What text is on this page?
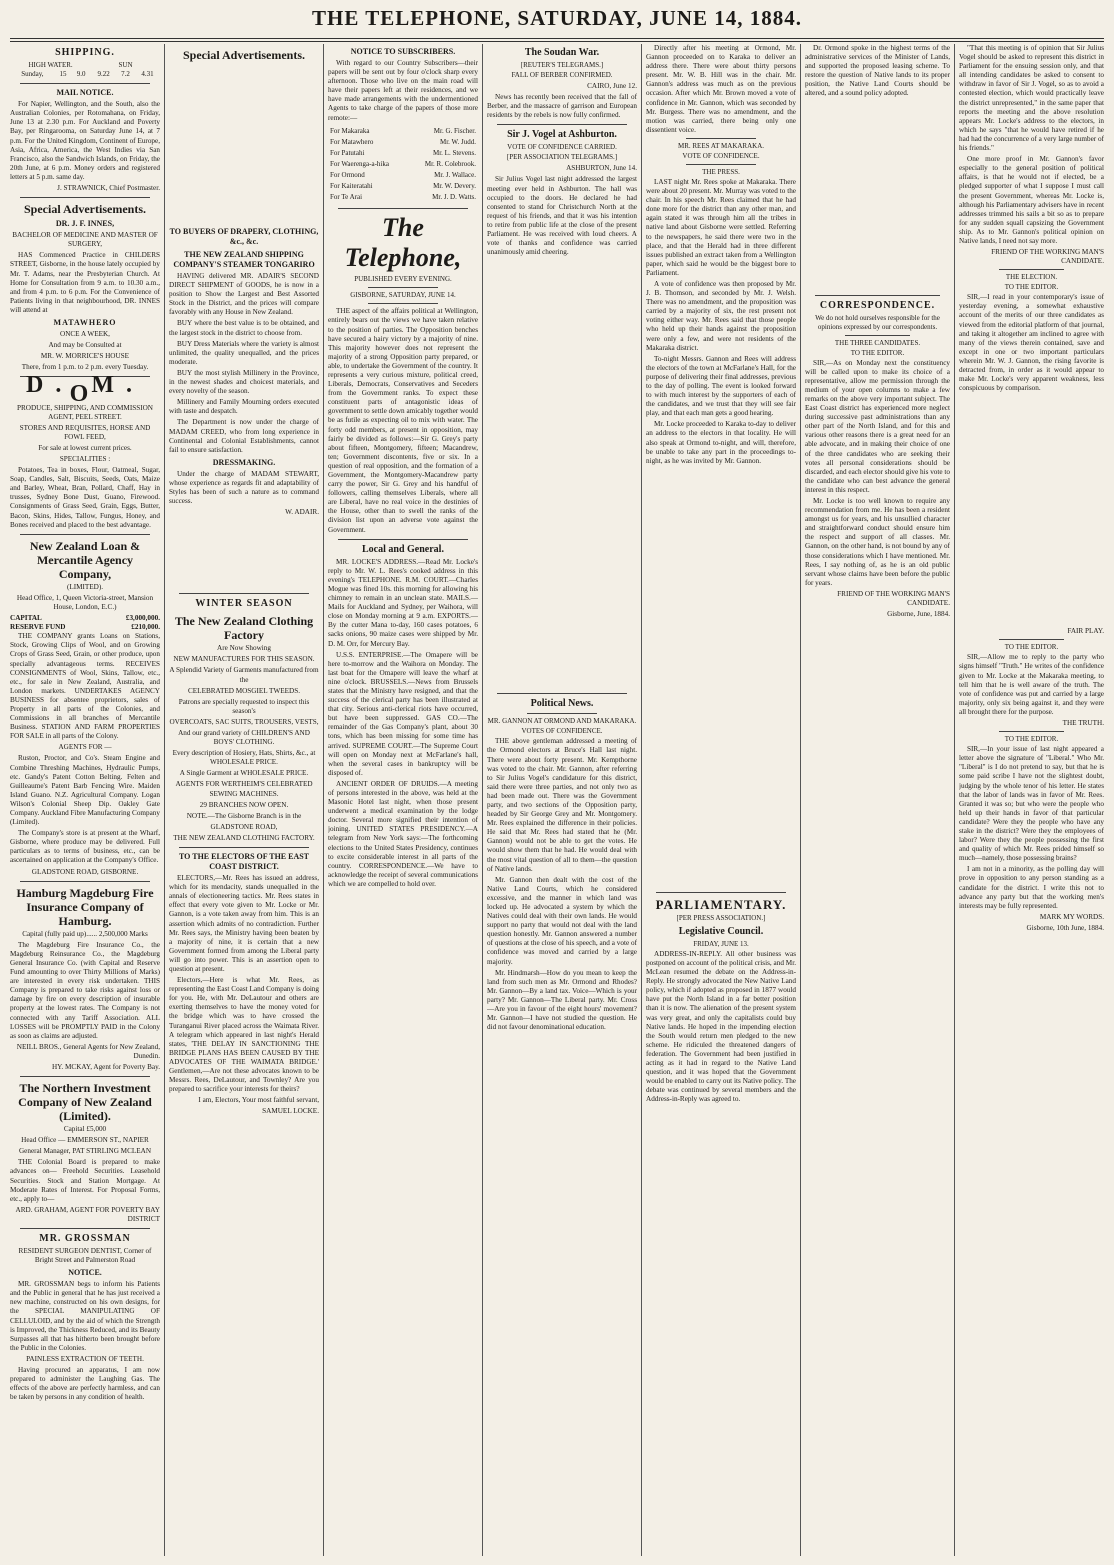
THE TELEPHONE, SATURDAY, JUNE 14, 1884.
SHIPPING.
HIGH WATER.			SUN		
Sunday,	15	9.0	9.22	7.2	4.31
MAIL NOTICE.
For Napier, Wellington, and the South, also the Australian Colonies, per Rotomahana, on Friday, June 13 at 2.30 p.m. For Auckland and Poverty Bay, per Ringarooma, on Saturday June 14, at 7 p.m. For the United Kingdom, Continent of Europe, Asia, Africa, America, the West Indies via San Francisco, also the Sandwich Islands, on Friday, the 20th June, at 6 p.m. Money orders and registered letters at 5 p.m. same day.
J. STRAWNICK, Chief Postmaster.
Special Advertisements.
DR. J. F. INNES,
BACHELOR OF MEDICINE AND MASTER OF SURGERY,
HAS Commenced Practice in CHILDERS STREET, Gisborne, in the house lately occupied by Mr. T. Adams, near the Presbyterian Church. At Home for Consultation from 9 a.m. to 10.30 a.m., and from 4 p.m. to 6 p.m. For the Convenience of Patients living in that neighbourhood, DR. INNES will attend at
MATAWHERO
ONCE A WEEK,
And may be Consulted at
MR. W. MORRICE'S HOUSE
There, from 1 p.m. to 2 p.m. every Tuesday.
D. M. O
PRODUCE, SHIPPING, AND COMMISSION AGENT, PEEL STREET.
STORES AND REQUISITES, HORSE AND FOWL FEED,
For sale at lowest current prices.
SPECIALITIES :
Potatoes, Tea in boxes, Flour, Oatmeal, Sugar, Soap, Candles, Salt, Biscuits, Seeds, Oats, Maize and Barley, Wheat, Bran, Pollard, Chaff, Hay in trusses, Sydney Bone Dust, Guano, Firewood. Consignments of Grass Seed, Grain, Eggs, Butter, Bacon, Skins, Hides, Tallow, Fungus, Honey, and Bones received and placed to the best advantage.
New Zealand Loan & Mercantile Agency Company,
(LIMITED).
Head Office, 1, Queen Victoria-street, Mansion House, London, E.C.)
CAPITAL	£3,000,000.
RESERVE FUND	£210,000.
THE COMPANY grants Loans on Stations, Stock, Growing Clips of Wool, and on Growing Crops of Grass Seed, Grain, or other produce, upon specially advantageous terms. RECEIVES CONSIGNMENTS of Wool, Skins, Tallow, etc., etc., for sale in New Zealand, Australia, and London markets. UNDERTAKES AGENCY BUSINESS for absentee proprietors, sales of Property in all parts of the Colonies, and Commissions in all branches of Mercantile Business. STATION AND FARM PROPERTIES FOR SALE in all parts of the Colony.
AGENTS FOR —
Ruston, Proctor, and Co's. Steam Engine and Combine Threshing Machines, Hydraulic Pumps, etc. Gandy's Patent Cotton Belting. Felten and Guilleaume's Patent Barb Fencing Wire. Maiden Island Guano. N.Z. Agricultural Company. Logan Wilson's Colonial Sheep Dip. Oakley Gate Company. Auckland Fibre Manufacturing Company (Limited).
The Company's store is at present at the Wharf, Gisborne, where produce may be delivered. Full particulars as to terms of business, etc., can be ascertained on application at the Company's Office.
GLADSTONE ROAD, GISBORNE.
Hamburg Magdeburg Fire Insurance Company of Hamburg.
Capital (fully paid up)...... 2,500,000 Marks
The Magdeburg Fire Insurance Co., the Magdeburg Reinsurance Co., the Magdeburg General Insurance Co. (with Capital and Reserve Fund amounting to over Thirty Millions of Marks) are interested in every risk undertaken. THIS Company is prepared to take risks against loss or damage by fire on every description of insurable property at the lowest rates. The Company is not connected with any Tariff Association. ALL LOSSES will be PROMPTLY PAID in the Colony as soon as claims are adjusted.
NEILL BROS., General Agents for New Zealand, Dunedin.
HY. MCKAY, Agent for Poverty Bay.
The Northern Investment Company of New Zealand (Limited).
Capital £5,000
Head Office — EMMERSON ST., NAPIER
General Manager, PAT STIRLING MCLEAN
THE Colonial Board is prepared to make advances on— Freehold Securities. Leasehold Securities. Stock and Station Mortgage. At Moderate Rates of Interest. For Proposal Forms, etc., apply to—
ARD. GRAHAM, AGENT FOR POVERTY BAY DISTRICT
MR. GROSSMAN
RESIDENT SURGEON DENTIST, Corner of Bright Street and Palmerston Road
NOTICE.
MR. GROSSMAN begs to inform his Patients and the Public in general that he has just received a new machine, constructed on his own designs, for the SPECIAL MANIPULATING OF CELLULOID, and by the aid of which the Strength is Improved, the Thickness Reduced, and its Beauty Surpasses all that has hitherto been brought before the Public in the Colonies.
PAINLESS EXTRACTION OF TEETH.
Having procured an apparatus, I am now prepared to administer the Laughing Gas. The effects of the above are perfectly harmless, and can be taken by persons in any condition of health.
Special Advertisements.
TO BUYERS OF DRAPERY, CLOTHING, &c., &c.
THE NEW ZEALAND SHIPPING COMPANY'S STEAMER TONGARIRO
HAVING delivered MR. ADAIR'S SECOND DIRECT SHIPMENT of GOODS, he is now in a position to Show the Largest and Best Assorted Stock in the District, and the prices will compare favorably with any House in New Zealand.
BUY where the best value is to be obtained, and the largest stock in the district to choose from.
BUY Dress Materials where the variety is almost unlimited, the quality unequalled, and the prices moderate.
BUY the most stylish Millinery in the Province, in the newest shades and choicest materials, and every novelty of the season.
Millinery and Family Mourning orders executed with taste and despatch.
The Department is now under the charge of MADAM CREED, who from long experience in Continental and Colonial Establishments, cannot fail to ensure satisfaction.
DRESSMAKING.
Under the charge of MADAM STEWART, whose experience as regards fit and adaptability of Styles has been of such a nature as to command success.
W. ADAIR.
WINTER SEASON
The New Zealand Clothing Factory
Are Now Showing
NEW MANUFACTURES FOR THIS SEASON.
A Splendid Variety of Garments manufactured from the
CELEBRATED MOSGIEL TWEEDS.
Patrons are specially requested to inspect this season's
OVERCOATS, SAC SUITS, TROUSERS, VESTS,
And our grand variety of CHILDREN'S AND BOYS' CLOTHING.
Every description of Hosiery, Hats, Shirts, &c., at WHOLESALE PRICE.
A Single Garment at WHOLESALE PRICE.
AGENTS FOR WERTHEIM'S CELEBRATED SEWING MACHINES.
29 BRANCHES NOW OPEN.
NOTE.—The Gisborne Branch is in the
GLADSTONE ROAD,
THE NEW ZEALAND CLOTHING FACTORY.
TO THE ELECTORS OF THE EAST COAST DISTRICT.
ELECTORS,—Mr. Rees has issued an address, which for its mendacity, stands unequalled in the annals of electioneering tactics. Mr. Rees states in effect that every vote given to Mr. Locke or Mr. Gannon, is a vote taken away from him. This is an assertion which admits of no contradiction. Further Mr. Rees says, the Ministry having been beaten by a majority of nine, it is certain that a new Government formed from among the Liberal party will go into power. This is an assertion open to question at present.
Electors,—Here is what Mr. Rees, as representing the East Coast Land Company is doing for you. He, with Mr. DeLautour and others are exerting themselves to have the money voted for the bridge which was to have crossed the Turanganui River placed across the Waimata River. A telegram which appeared in last night's Herald states, 'THE DELAY IN SANCTIONING THE BRIDGE PLANS HAS BEEN CAUSED BY THE ADVOCATES OF THE WAIMATA BRIDGE.' Gentlemen,—Are not these advocates known to be Messrs. Rees, DeLautour, and Townley? Are you prepared to sacrifice your interests for theirs?
I am, Electors, Your most faithful servant,
SAMUEL LOCKE.
NOTICE TO SUBSCRIBERS.
With regard to our Country Subscribers—their papers will be sent out by four o'clock sharp every afternoon. Those who live on the main road will have their papers left at their residences, and we have made arrangements with the undermentioned Agents to take charge of the papers of those more remote:—
For Makaraka	Mr. G. Fischer.
For Matawhero	Mr. W. Judd.
For Patutahi	Mr. L. Stevens.
For Waerenga-a-hika	Mr. R. Colebrook.
For Ormond	Mr. J. Wallace.
For Kaiteratahi	Mr. W. Devery.
For Te Arai	Mr. J. D. Watts.
The Telephone,
PUBLISHED EVERY EVENING.
GISBORNE, SATURDAY, JUNE 14.
THE aspect of the affairs political at Wellington, entirely bears out the views we have taken relative to the position of parties. The Opposition benches have secured a hairy victory by a majority of nine. This majority however does not represent the majority of a strong Opposition party prepared, or able, to undertake the Government of the country. It represents a very curious mixture, political creed, Liberals, Democrats, Conservatives and Seceders from the Government ranks. To expect these constituent parts of antagonistic ideas of government to settle down amicably together would be as futile as expecting oil to mix with water. The forty odd members, at present in opposition, may fairly be divided as follows:—Sir G. Grey's party about fifteen, Montgomery, fifteen; Macandrew, ten; Government discontents, five or six. In a question of real opposition, and the formation of a Government, the Montgomery-Macandrew party carry the power, Sir G. Grey and his handful of followers, calling themselves Liberals, where all are Liberal, have no real voice in the destinies of the House, other than to swell the ranks of the division list upon an adverse vote against the Government.
Local and General.
MR. LOCKE'S ADDRESS.—Read Mr. Locke's reply to Mr. W. L. Rees's cooked address in this evening's TELEPHONE. R.M. COURT.—Charles Mogue was fined 10s. this morning for allowing his chimney to remain in an unclean state. MAILS.—Mails for Auckland and Sydney, per Waihora, will close on Monday morning at 9 a.m. EXPORTS.—By the cutter Mana to-day, 160 cases potatoes, 6 sacks onions, 90 maize cases were shipped by Mr. D. M. Orr, for Mercury Bay.
U.S.S. ENTERPRISE.—The Omapere will be here to-morrow and the Waihora on Monday. The last boat for the Omapere will leave the wharf at nine o'clock. BRUSSELS.—News from Brussels states that the Ministry have resigned, and that the success of the clerical party has been illustrated at that city. Serious anti-clerical riots have occurred, but have been suppressed. GAS CO.—The remainder of the Gas Company's plant, about 30 tons, which has been missing for some time has arrived. SUPREME COURT.—The Supreme Court will open on Monday next at McFarlane's hall, when the several cases in bankruptcy will be disposed of.
ANCIENT ORDER OF DRUIDS.—A meeting of persons interested in the above, was held at the Masonic Hotel last night, when those present underwent a medical examination by the lodge doctor. Several more signified their intention of joining. UNITED STATES PRESIDENCY.—A telegram from New York says:—The forthcoming elections to the United States Presidency, continues to excite considerable interest in all parts of the country. CORRESPONDENCE.—We have to acknowledge the receipt of several communications which we are compelled to hold over.
The Soudan War.
[REUTER'S TELEGRAMS.]
FALL OF BERBER CONFIRMED.
CAIRO, June 12.
News has recently been received that the fall of Berber, and the massacre of garrison and European residents by the rebels is now fully confirmed.
Sir J. Vogel at Ashburton.
VOTE OF CONFIDENCE CARRIED.
[PER ASSOCIATION TELEGRAMS.]
ASHBURTON, June 14.
Sir Julius Vogel last night addressed the largest meeting ever held in Ashburton. The hall was occupied to the doors. He declared he had consented to stand for Christchurch North at the request of his friends, and that it was his intention to retire from public life at the close of the present Parliament. He was received with loud cheers. A vote of thanks and confidence was carried unanimously amid cheering.
Political News.
MR. GANNON AT ORMOND AND MAKARAKA.
VOTES OF CONFIDENCE.
THE above gentleman addressed a meeting of the Ormond electors at Bruce's Hall last night. There were about forty present. Mr. Kempthorne was voted to the chair. Mr. Gannon, after referring to Sir Julius Vogel's candidature for this district, said there were three parties, and not only two as had been made out. There was the Government party, and two sections of the Opposition party, headed by Sir George Grey and Mr. Montgomery. Mr. Rees explained the difference in their policies. He said that Mr. Rees had stated that he (Mr. Gannon) would not be able to get the votes. He would show them that he had. He would deal with the most vital question of all to them—the question of Native lands.
Mr. Gannon then dealt with the cost of the Native Land Courts, which he considered excessive, and the manner in which land was locked up. He advocated a system by which the Natives could deal with their own lands. He would support no party that would not deal with the land question honestly. Mr. Gannon answered a number of questions at the close of his speech, and a vote of confidence was moved and carried by a large majority.
Mr. Hindmarsh—How do you mean to keep the land from such men as Mr. Ormond and Rhodes? Mr. Gannon—By a land tax. Voice—Which is your party? Mr. Gannon—The Liberal party. Mr. Cross—Are you in favour of the eight hours' movement? Mr. Gannon—I have not studied the question. He did not favour denominational education.
Directly after his meeting at Ormond, Mr. Gannon proceeded on to Karaka to deliver an address there. There were about thirty persons present. Mr. W. B. Hill was in the chair. Mr. Gannon's address was much as on the previous occasion. After which Mr. Brown moved a vote of confidence in Mr. Gannon, which was seconded by Mr. Burgess. There was no amendment, and the motion was carried, there being only one dissentient voice.
MR. REES AT MAKARAKA.
VOTE OF CONFIDENCE.
THE PRESS.
LAST night Mr. Rees spoke at Makaraka. There were about 20 present. Mr. Murray was voted to the chair. In his speech Mr. Rees claimed that he had done more for the district than any other man, and again stated it was through him all the tribes in native land about Gisborne were settled. Referring to the newspapers, he said there were two in the place, and that the Herald had in three different issues published an extract taken from a Wellington paper, which said he would be the biggest bore to Parliament.
A vote of confidence was then proposed by Mr. J. B. Thomson, and seconded by Mr. J. Welsh. There was no amendment, and the proposition was carried by a majority of six, the rest present not voting either way. Mr. Rees said that those people who held up their hands against the proposition were only a few, and were not residents of the Makaraka district.
To-night Messrs. Gannon and Rees will address the electors of the town at McFarlane's Hall, for the purpose of delivering their final addresses, previous to the day of polling. The event is looked forward to with much interest by the supporters of each of the candidates, and we trust that they will see fair play, and that each man gets a good hearing.
Mr. Locke proceeded to Karaka to-day to deliver an address to the electors in that locality. He will also speak at Ormond to-night, and will, therefore, be unable to take any part in the proceedings to-night, as he was invited by Mr. Gannon.
PARLIAMENTARY.
[PER PRESS ASSOCIATION.]
Legislative Council.
FRIDAY, JUNE 13.
ADDRESS-IN-REPLY. All other business was postponed on account of the political crisis, and Mr. McLean resumed the debate on the Address-in-Reply. He strongly advocated the New Native Land policy, which if adopted as proposed in 1877 would have put the North Island in a far better position than it is now. The alienation of the present system was very great, and only the capitalists could buy Native lands. He hoped in the impending election the South would return men pledged to the new scheme. He ridiculed the threatened dangers of federation. The Government had been justified in acting as it had in regard to the Native Land question, and it was hoped that the Government would be enabled to carry out its Native policy. The debate was continued by several members and the Address-in-Reply was agreed to.
Dr. Ormond spoke in the highest terms of the administrative services of the Minister of Lands, and supported the proposed leasing scheme. To restore the question of Native lands to its proper position, the Native Land Courts should be altered, and a sound policy adopted.
CORRESPONDENCE.
We do not hold ourselves responsible for the opinions expressed by our correspondents.
THE THREE CANDIDATES.
TO THE EDITOR.
SIR,—As on Monday next the constituency will be called upon to make its choice of a representative, allow me permission through the medium of your open columns to make a few remarks on the above very important subject. The East Coast district has experienced more neglect during successive past administrations than any other part of the North Island, and for this and various other reasons there is a great need for an able advocate, and in making their choice of one of the three candidates who are seeking their votes all personal considerations should be discarded, and each elector should give his vote to the candidate who can best advance the general interest in this respect.
Mr. Locke is too well known to require any recommendation from me. He has been a resident amongst us for years, and his unsullied character and straightforward conduct should ensure him the respect and support of all classes. Mr. Gannon, on the other hand, is not bound by any of those considerations which I have mentioned. Mr. Rees, I say nothing of, as he is an old public servant whose claims have been before the public for years.
FRIEND OF THE WORKING MAN'S CANDIDATE.
Gisborne, June, 1884.
"That this meeting is of opinion that Sir Julius Vogel should be asked to represent this district in Parliament for the ensuing session only, and that all intending candidates be asked to consent to withdraw in favor of Sir J. Vogel, so as to avoid a contested election, which would practically leave the district unrepresented," in the same paper that reports the meeting and the above resolution appears Mr. Locke's address to the electors, in which he says "that he would have retired if he had had the concurrence of a very large number of his friends."
One more proof in Mr. Gannon's favor especially to the general position of political affairs, is that he would not if elected, be a pledged supporter of what I suppose I must call the present Government, whereas Mr. Locke is, although his Parliamentary advisers have in recent addresses trimmed his sails a bit so as to prepare for any sudden squall capsizing the Government ship. As to Mr. Gannon's political opinion on Native lands, I need not say more.
FRIEND OF THE WORKING MAN'S CANDIDATE.
THE ELECTION.
TO THE EDITOR.
SIR,—I read in your contemporary's issue of yesterday evening, a somewhat exhaustive account of the merits of our three candidates as viewed from the editorial platform of that journal, and taking it altogether am inclined to agree with many of the views therein contained, save and except in one or two important particulars wherein Mr. W. J. Gannon, the rising favorite is detracted from, in order as it would appear to make Mr. Locke's very apparent weakness, less conspicuous by comparison.
FAIR PLAY.
TO THE EDITOR.
SIR,—Allow me to reply to the party who signs himself "Truth." He writes of the confidence given to Mr. Locke at the Makaraka meeting, to tell him that he is well aware of the truth. The vote of confidence was put and carried by a large majority, only six being against it, and they were all brought there for the purpose.
THE TRUTH.
TO THE EDITOR.
SIR,—In your issue of last night appeared a letter above the signature of "Liberal." Who Mr. "Liberal" is I do not pretend to say, but that he is some paid scribe I have not the slightest doubt, judging by the whole tenor of his letter. He states that the labor of lands was in favor of Mr. Rees. Granted it was so; but who were the people who held up their hands in favor of that particular candidate? Were they the people who have any stake in the district? Were they the employees of labor? Were they the people possessing the first and quality of which Mr. Rees prided himself so much—namely, those possessing brains?
I am not in a minority, as the polling day will prove in opposition to any person standing as a candidate for the district. I write this not to advance any party but that the working men's interests may be fully represented.
MARK MY WORDS.
Gisborne, 10th June, 1884.
